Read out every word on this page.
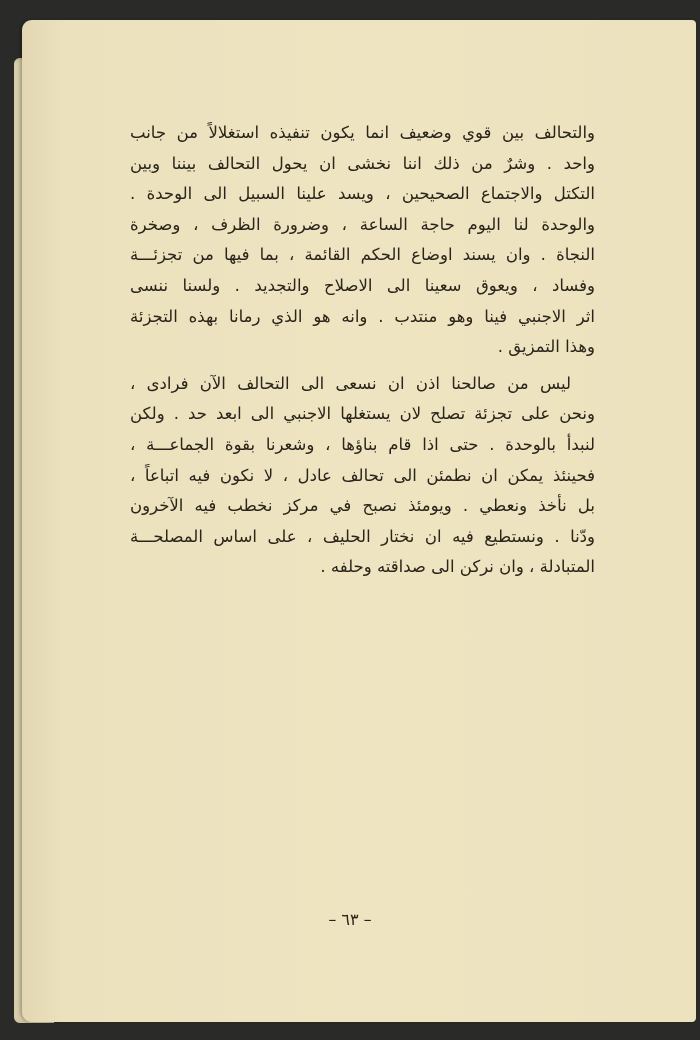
والتحالف بين قوي وضعيف انما يكون تنفيذه استغلالاً من جانب
واحد . وشرٌ من ذلك اننا نخشى ان يحول التحالف بيننا وبين
التكتل والاجتماع الصحيحين ، ويسد علينا السبيل الى الوحدة .
والوحدة لنا اليوم حاجة الساعة ، وضرورة الظرف ، وصخرة
النجاة . وان يسند اوضاع الحكم القائمة ، بما فيها من تجزئـــة
وفساد ، ويعوق سعينا الى الاصلاح والتجديد . ولسنا ننسى
اثر الاجنبي فينا وهو منتدب . وانه هو الذي رمانا بهذه التجزئة
وهذا التمزيق .
ليس من صالحنا اذن ان نسعى الى التحالف الآن فرادى ،
ونحن على تجزئة تصلح لان يستغلها الاجنبي الى ابعد حد . ولكن
لنبدأ بالوحدة . حتى اذا قام بناؤها ، وشعرنا بقوة الجماعـــة ،
فحينئذ يمكن ان نطمئن الى تحالف عادل ، لا نكون فيه اتباعاً ،
بل نأخذ ونعطي . ويومئذ نصبح في مركز نخطب فيه الآخرون
ودّنا . ونستطيع فيه ان نختار الحليف ، على اساس المصلحـــة
المتبادلة ، وان نركن الى صداقته وحلفه .
– ٦٣ –
